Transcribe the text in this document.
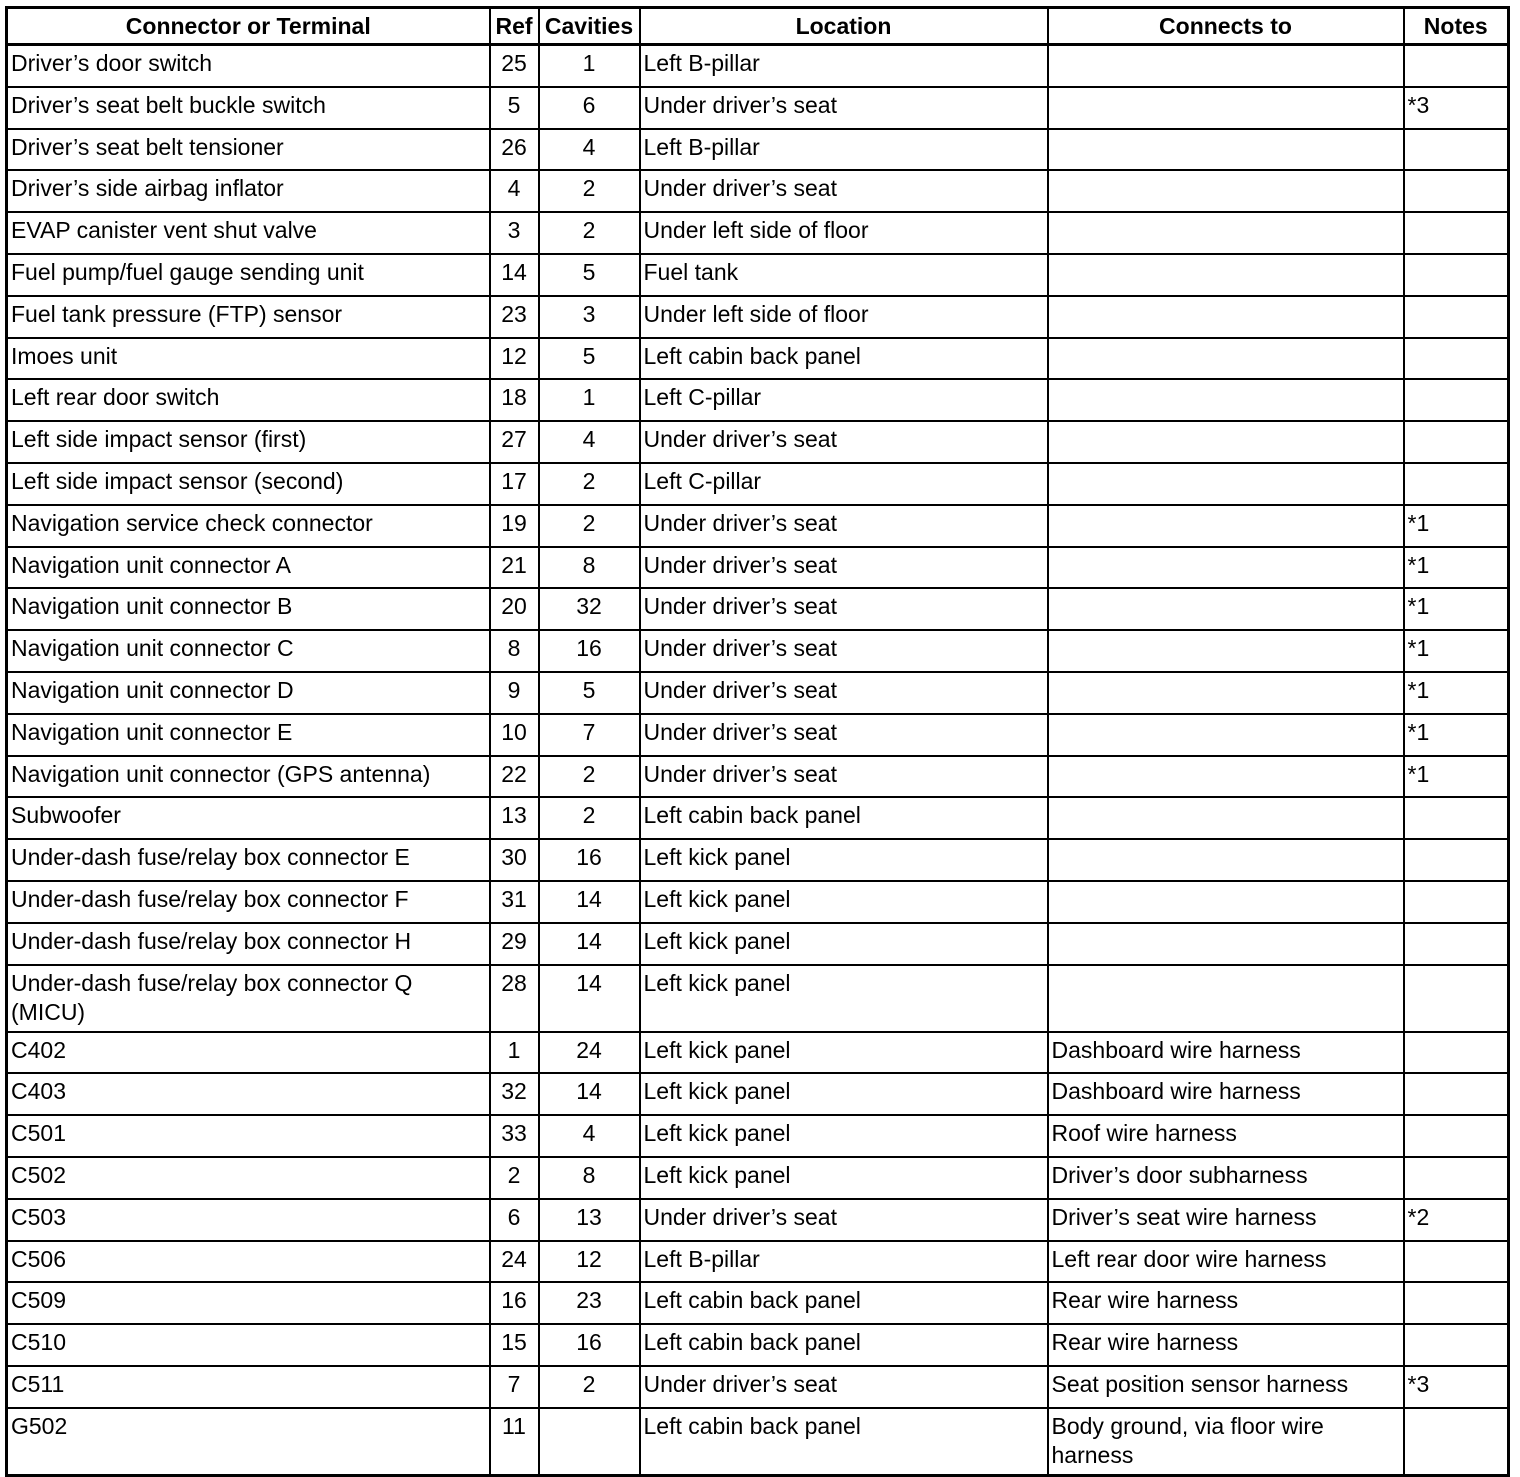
Connector or Terminal	Ref	Cavities	Location	Connects to	Notes
Driver’s door switch	25	1	Left B-pillar		
Driver’s seat belt buckle switch	5	6	Under driver’s seat		*3
Driver’s seat belt tensioner	26	4	Left B-pillar		
Driver’s side airbag inflator	4	2	Under driver’s seat		
EVAP canister vent shut valve	3	2	Under left side of floor		
Fuel pump/fuel gauge sending unit	14	5	Fuel tank		
Fuel tank pressure (FTP) sensor	23	3	Under left side of floor		
Imoes unit	12	5	Left cabin back panel		
Left rear door switch	18	1	Left C-pillar		
Left side impact sensor (first)	27	4	Under driver’s seat		
Left side impact sensor (second)	17	2	Left C-pillar		
Navigation service check connector	19	2	Under driver’s seat		*1
Navigation unit connector A	21	8	Under driver’s seat		*1
Navigation unit connector B	20	32	Under driver’s seat		*1
Navigation unit connector C	8	16	Under driver’s seat		*1
Navigation unit connector D	9	5	Under driver’s seat		*1
Navigation unit connector E	10	7	Under driver’s seat		*1
Navigation unit connector (GPS antenna)	22	2	Under driver’s seat		*1
Subwoofer	13	2	Left cabin back panel		
Under-dash fuse/relay box connector E	30	16	Left kick panel		
Under-dash fuse/relay box connector F	31	14	Left kick panel		
Under-dash fuse/relay box connector H	29	14	Left kick panel		
Under-dash fuse/relay box connector Q (MICU)	28	14	Left kick panel		
C402	1	24	Left kick panel	Dashboard wire harness	
C403	32	14	Left kick panel	Dashboard wire harness	
C501	33	4	Left kick panel	Roof wire harness	
C502	2	8	Left kick panel	Driver’s door subharness	
C503	6	13	Under driver’s seat	Driver’s seat wire harness	*2
C506	24	12	Left B-pillar	Left rear door wire harness	
C509	16	23	Left cabin back panel	Rear wire harness	
C510	15	16	Left cabin back panel	Rear wire harness	
C511	7	2	Under driver’s seat	Seat position sensor harness	*3
G502	11		Left cabin back panel	Body ground, via floor wire harness	
